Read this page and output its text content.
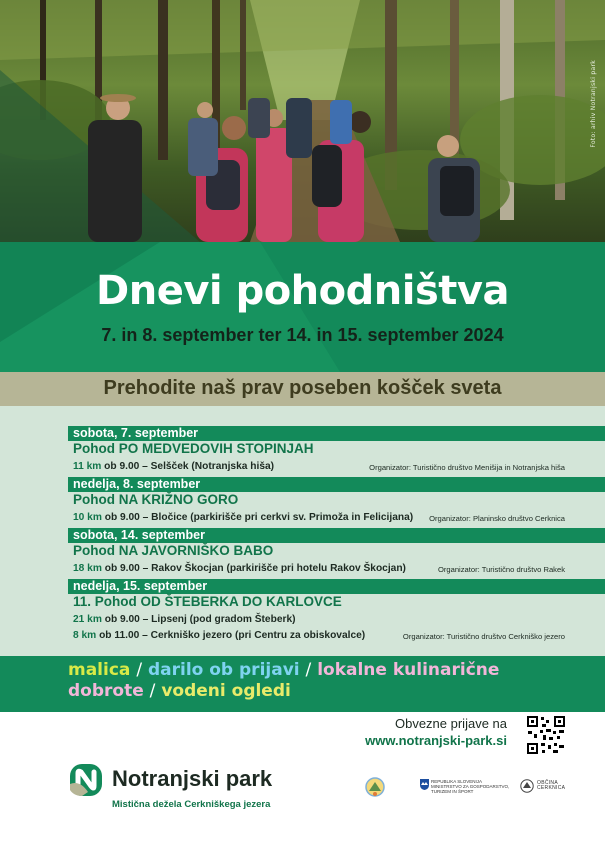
Foto: arhiv Notranjski park
Dnevi pohodništva
7. in 8. september ter 14. in 15. september 2024
Prehodite naš prav poseben košček sveta
sobota, 7. september
Pohod PO MEDVEDOVIH STOPINJAH
11 km ob 9.00 – Selšček (Notranjska hiša)	Organizator: Turistično društvo Menišija in Notranjska hiša
nedelja, 8. september
Pohod NA KRIŽNO GORO
10 km ob 9.00 – Bločice (parkirišče pri cerkvi sv. Primoža in Felicijana) Organizator: Planinsko društvo Cerknica
sobota, 14. september
Pohod NA JAVORNIŠKO BABO
18 km ob 9.00 – Rakov Škocjan (parkirišče pri hotelu Rakov Škocjan)	Organizator: Turistično društvo Rakek
nedelja, 15. september
11. Pohod OD ŠTEBERKA DO KARLOVCE
21 km ob 9.00 – Lipsenj (pod gradom Šteberk)
8 km ob 11.00 – Cerkniško jezero (pri Centru za obiskovalce)	Organizator: Turistično društvo Cerkniško jezero
malica / darilo ob prijavi / lokalne kulinarične dobrote / vodeni ogledi
Obvezne prijave na
www.notranjski-park.si
Notranjski park
Mistična dežela Cerkniškega jezera
REPUBLIKA SLOVENIJA
MINISTRSTVO ZA GOSPODARSTVO,
TURIZEM IN ŠPORT
OBČINA
CERKNICA
